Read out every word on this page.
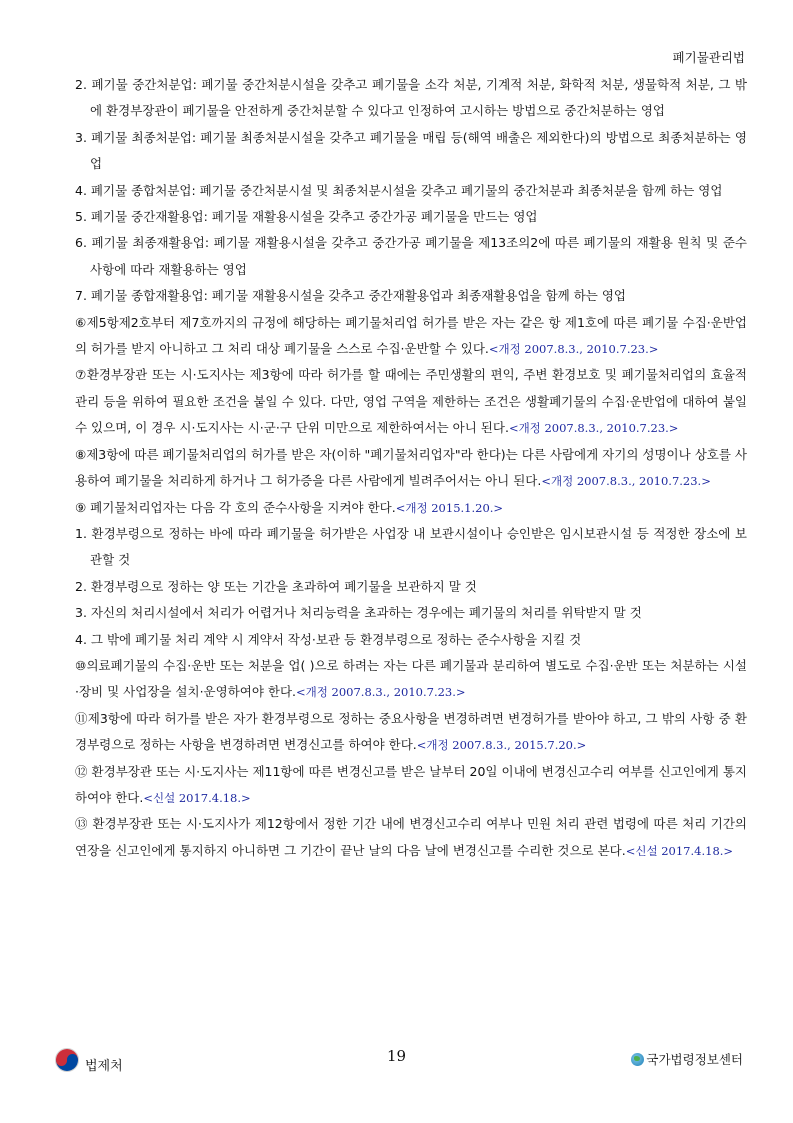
폐기물관리법

2. 폐기물 중간처분업: 폐기물 중간처분시설을 갖추고 폐기물을 소각 처분, 기계적 처분, 화학적 처분, 생물학적 처분, 그 밖에 환경부장관이 폐기물을 안전하게 중간처분할 수 있다고 인정하여 고시하는 방법으로 중간처분하는 영업

3. 폐기물 최종처분업: 폐기물 최종처분시설을 갖추고 폐기물을 매립 등(해역 배출은 제외한다)의 방법으로 최종처분하는 영업

4. 폐기물 종합처분업: 폐기물 중간처분시설 및 최종처분시설을 갖추고 폐기물의 중간처분과 최종처분을 함께 하는 영업

5. 폐기물 중간재활용업: 폐기물 재활용시설을 갖추고 중간가공 폐기물을 만드는 영업

6. 폐기물 최종재활용업: 폐기물 재활용시설을 갖추고 중간가공 폐기물을 제13조의2에 따른 폐기물의 재활용 원칙 및 준수사항에 따라 재활용하는 영업

7. 폐기물 종합재활용업: 폐기물 재활용시설을 갖추고 중간재활용업과 최종재활용업을 함께 하는 영업

⑥제5항제2호부터 제7호까지의 규정에 해당하는 폐기물처리업 허가를 받은 자는 같은 항 제1호에 따른 폐기물 수집·운반업의 허가를 받지 아니하고 그 처리 대상 폐기물을 스스로 수집·운반할 수 있다.<개정 2007.8.3., 2010.7.23.>

⑦환경부장관 또는 시·도지사는 제3항에 따라 허가를 할 때에는 주민생활의 편익, 주변 환경보호 및 폐기물처리업의 효율적 관리 등을 위하여 필요한 조건을 붙일 수 있다. 다만, 영업 구역을 제한하는 조건은 생활폐기물의 수집·운반업에 대하여 붙일 수 있으며, 이 경우 시·도지사는 시·군·구 단위 미만으로 제한하여서는 아니 된다.<개정 2007.8.3., 2010.7.23.>

⑧제3항에 따른 폐기물처리업의 허가를 받은 자(이하 "폐기물처리업자"라 한다)는 다른 사람에게 자기의 성명이나 상호를 사용하여 폐기물을 처리하게 하거나 그 허가증을 다른 사람에게 빌려주어서는 아니 된다.<개정 2007.8.3., 2010.7.23.>

⑨ 폐기물처리업자는 다음 각 호의 준수사항을 지켜야 한다.<개정 2015.1.20.>

1. 환경부령으로 정하는 바에 따라 폐기물을 허가받은 사업장 내 보관시설이나 승인받은 임시보관시설 등 적정한 장소에 보관할 것

2. 환경부령으로 정하는 양 또는 기간을 초과하여 폐기물을 보관하지 말 것

3. 자신의 처리시설에서 처리가 어렵거나 처리능력을 초과하는 경우에는 폐기물의 처리를 위탁받지 말 것

4. 그 밖에 폐기물 처리 계약 시 계약서 작성·보관 등 환경부령으로 정하는 준수사항을 지킬 것

⑩의료폐기물의 수집·운반 또는 처분을 업( )으로 하려는 자는 다른 폐기물과 분리하여 별도로 수집·운반 또는 처분하는 시설·장비 및 사업장을 설치·운영하여야 한다.<개정 2007.8.3., 2010.7.23.>

⑪제3항에 따라 허가를 받은 자가 환경부령으로 정하는 중요사항을 변경하려면 변경허가를 받아야 하고, 그 밖의 사항 중 환경부령으로 정하는 사항을 변경하려면 변경신고를 하여야 한다.<개정 2007.8.3., 2015.7.20.>

⑫ 환경부장관 또는 시·도지사는 제11항에 따른 변경신고를 받은 날부터 20일 이내에 변경신고수리 여부를 신고인에게 통지하여야 한다.<신설 2017.4.18.>

⑬ 환경부장관 또는 시·도지사가 제12항에서 정한 기간 내에 변경신고수리 여부나 민원 처리 관련 법령에 따른 처리 기간의 연장을 신고인에게 통지하지 아니하면 그 기간이 끝난 날의 다음 날에 변경신고를 수리한 것으로 본다.<신설 2017.4.18.>

법제처
19	국가법령정보센터
